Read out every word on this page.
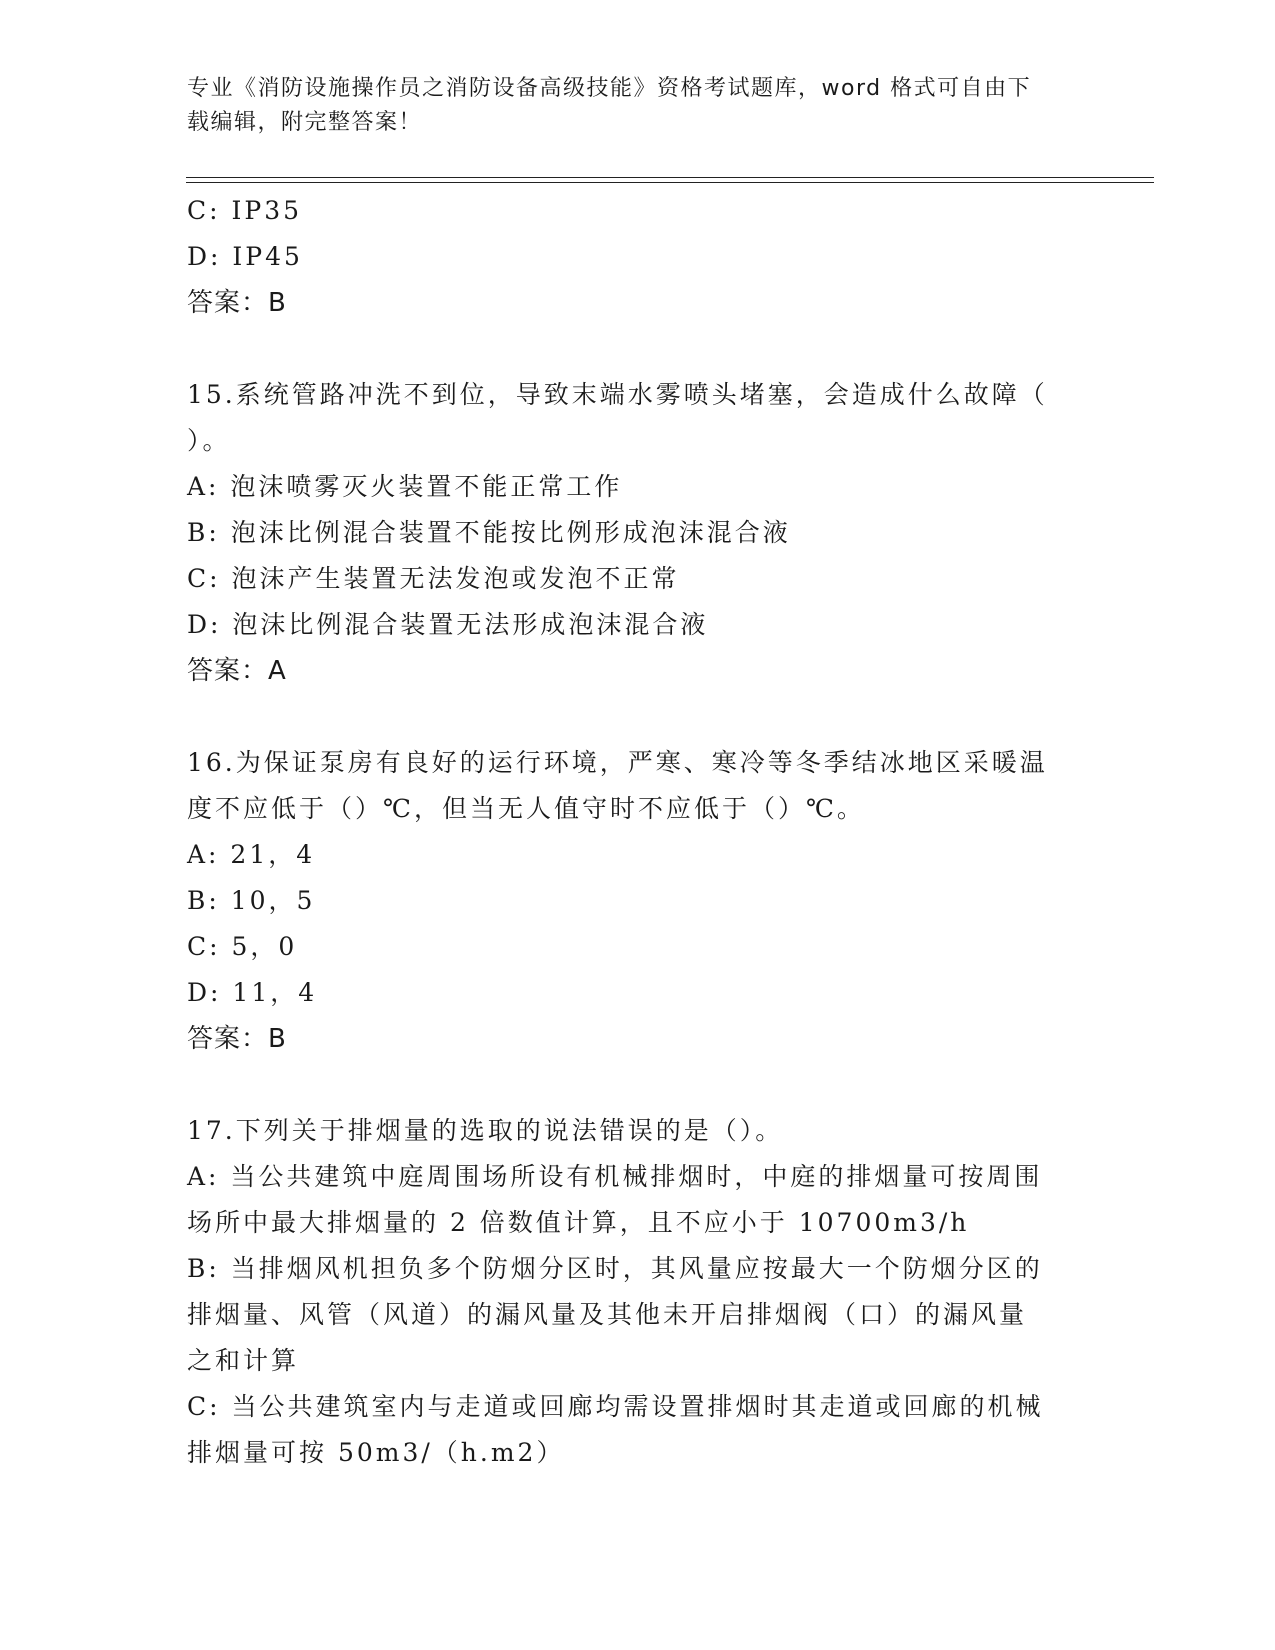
专业《消防设施操作员之消防设备高级技能》资格考试题库，word 格式可自由下
载编辑，附完整答案！
C: IP35
D: IP45
答案：B
15.系统管路冲洗不到位，导致末端水雾喷头堵塞，会造成什么故障（
）。
A: 泡沫喷雾灭火装置不能正常工作
B: 泡沫比例混合装置不能按比例形成泡沫混合液
C: 泡沫产生装置无法发泡或发泡不正常
D: 泡沫比例混合装置无法形成泡沫混合液
答案：A
16.为保证泵房有良好的运行环境，严寒、寒冷等冬季结冰地区采暖温
度不应低于（）℃，但当无人值守时不应低于（）℃。
A: 21，4
B: 10，5
C: 5，0
D: 11，4
答案：B
17.下列关于排烟量的选取的说法错误的是（）。
A: 当公共建筑中庭周围场所设有机械排烟时，中庭的排烟量可按周围
场所中最大排烟量的 2 倍数值计算，且不应小于 10700m3/h
B: 当排烟风机担负多个防烟分区时，其风量应按最大一个防烟分区的
排烟量、风管（风道）的漏风量及其他未开启排烟阀（口）的漏风量
之和计算
C: 当公共建筑室内与走道或回廊均需设置排烟时其走道或回廊的机械
排烟量可按 50m3/（h.m2）
